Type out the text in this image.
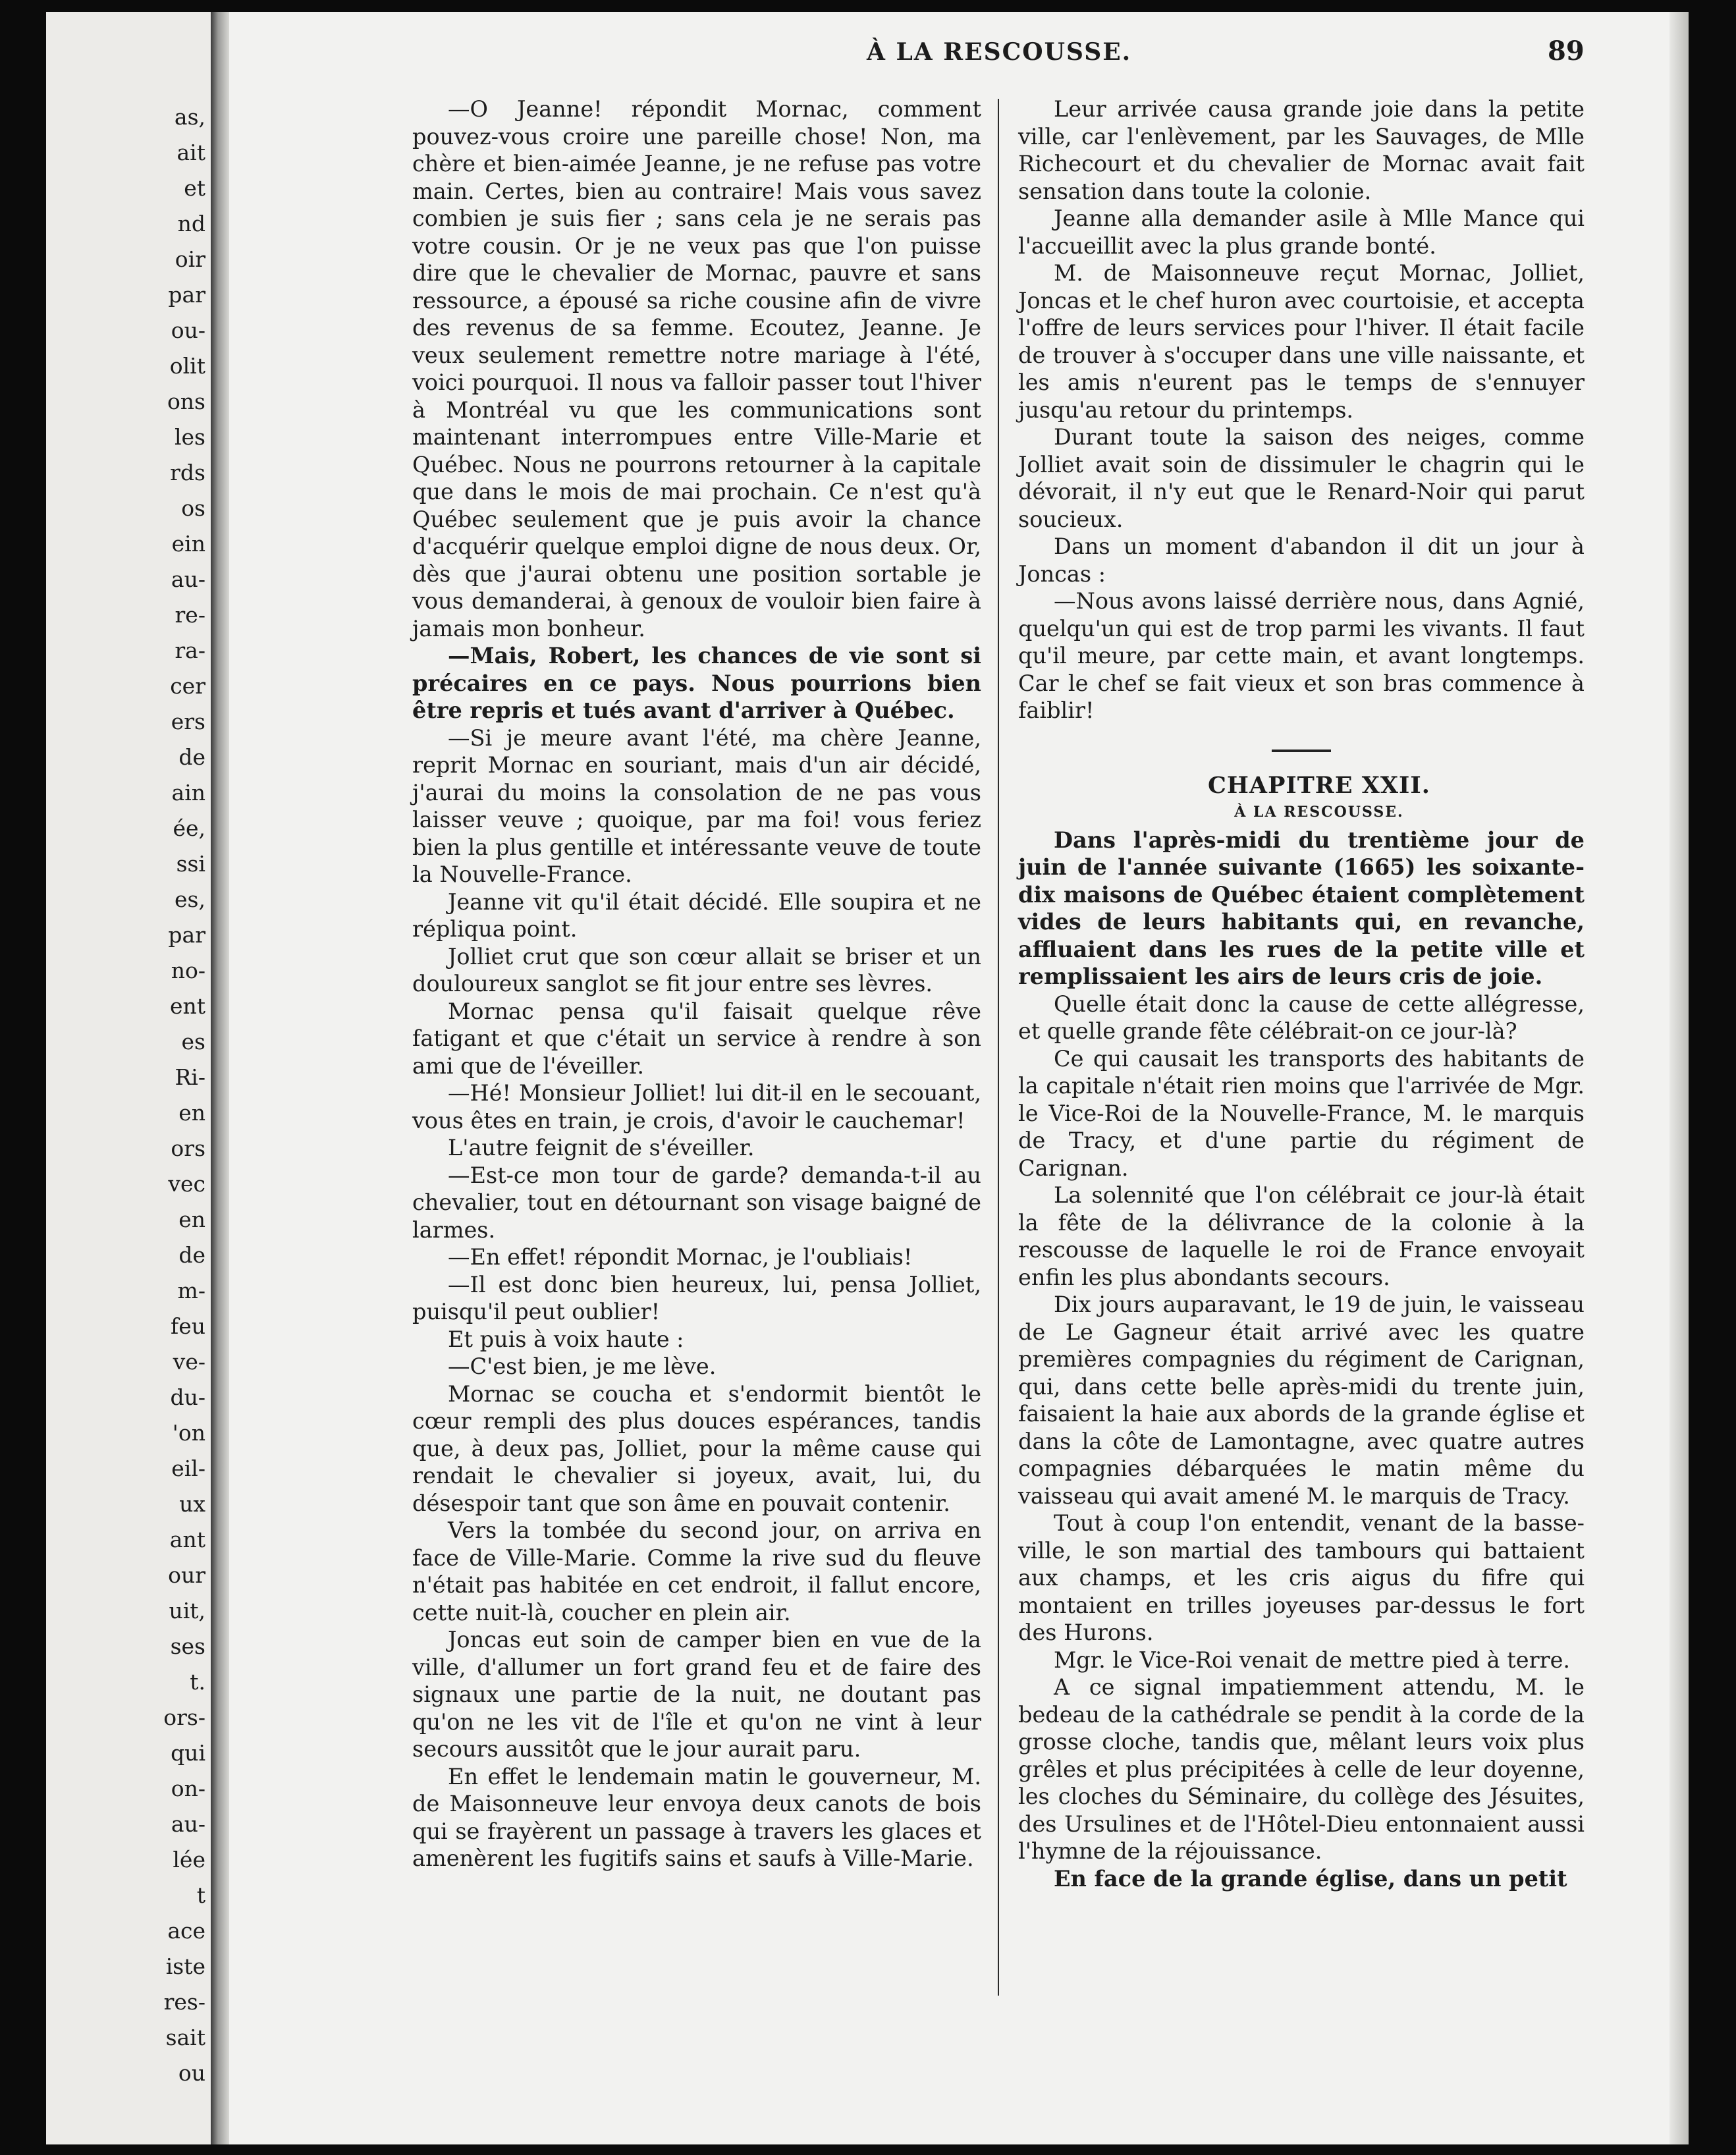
as,
ait
et
nd
oir
par
ou-
olit
ons
les
rds
os
ein
au-
re-
ra-
cer
ers
de
ain
ée,
ssi
es,
par
no-
ent
es
Ri-
en
ors
vec
en
de
m-
feu
ve-
du-
'on
eil-
ux
ant
our
uit,
ses
t.
ors-
qui
on-
au-
lée
t
ace
iste
res-
sait
ou
À LA RESCOUSSE.	89

—O Jeanne! répondit Mornac, comment pouvez-vous croire une pareille chose! Non, ma chère et bien-aimée Jeanne, je ne refuse pas votre main. Certes, bien au contraire! Mais vous savez combien je suis fier ; sans cela je ne serais pas votre cousin. Or je ne veux pas que l'on puisse dire que le chevalier de Mornac, pauvre et sans ressource, a épousé sa riche cousine afin de vivre des revenus de sa femme. Ecoutez, Jeanne. Je veux seulement remettre notre mariage à l'été, voici pourquoi. Il nous va falloir passer tout l'hiver à Montréal vu que les communications sont maintenant interrompues entre Ville-Marie et Québec. Nous ne pourrons retourner à la capitale que dans le mois de mai prochain. Ce n'est qu'à Québec seulement que je puis avoir la chance d'acquérir quelque emploi digne de nous deux. Or, dès que j'aurai obtenu une position sortable je vous demanderai, à genoux de vouloir bien faire à jamais mon bonheur.

—Mais, Robert, les chances de vie sont si précaires en ce pays. Nous pourrions bien être repris et tués avant d'arriver à Québec.

—Si je meure avant l'été, ma chère Jeanne, reprit Mornac en souriant, mais d'un air décidé, j'aurai du moins la consolation de ne pas vous laisser veuve ; quoique, par ma foi! vous feriez bien la plus gentille et intéressante veuve de toute la Nouvelle-France.

Jeanne vit qu'il était décidé. Elle soupira et ne répliqua point.

Jolliet crut que son cœur allait se briser et un douloureux sanglot se fit jour entre ses lèvres.

Mornac pensa qu'il faisait quelque rêve fatigant et que c'était un service à rendre à son ami que de l'éveiller.

—Hé! Monsieur Jolliet! lui dit-il en le secouant, vous êtes en train, je crois, d'avoir le cauchemar!

L'autre feignit de s'éveiller.

—Est-ce mon tour de garde? demanda-t-il au chevalier, tout en détournant son visage baigné de larmes.

—En effet! répondit Mornac, je l'oubliais!

—Il est donc bien heureux, lui, pensa Jolliet, puisqu'il peut oublier!

Et puis à voix haute :

—C'est bien, je me lève.

Mornac se coucha et s'endormit bientôt le cœur rempli des plus douces espérances, tandis que, à deux pas, Jolliet, pour la même cause qui rendait le chevalier si joyeux, avait, lui, du désespoir tant que son âme en pouvait contenir.

Vers la tombée du second jour, on arriva en face de Ville-Marie. Comme la rive sud du fleuve n'était pas habitée en cet endroit, il fallut encore, cette nuit-là, coucher en plein air.

Joncas eut soin de camper bien en vue de la ville, d'allumer un fort grand feu et de faire des signaux une partie de la nuit, ne doutant pas qu'on ne les vit de l'île et qu'on ne vint à leur secours aussitôt que le jour aurait paru.

En effet le lendemain matin le gouverneur, M. de Maisonneuve leur envoya deux canots de bois qui se frayèrent un passage à travers les glaces et amenèrent les fugitifs sains et saufs à Ville-Marie.

Leur arrivée causa grande joie dans la petite ville, car l'enlèvement, par les Sauvages, de Mlle Richecourt et du chevalier de Mornac avait fait sensation dans toute la colonie.

Jeanne alla demander asile à Mlle Mance qui l'accueillit avec la plus grande bonté.

M. de Maisonneuve reçut Mornac, Jolliet, Joncas et le chef huron avec courtoisie, et accepta l'offre de leurs services pour l'hiver. Il était facile de trouver à s'occuper dans une ville naissante, et les amis n'eurent pas le temps de s'ennuyer jusqu'au retour du printemps.

Durant toute la saison des neiges, comme Jolliet avait soin de dissimuler le chagrin qui le dévorait, il n'y eut que le Renard-Noir qui parut soucieux.

Dans un moment d'abandon il dit un jour à Joncas :

—Nous avons laissé derrière nous, dans Agnié, quelqu'un qui est de trop parmi les vivants. Il faut qu'il meure, par cette main, et avant longtemps. Car le chef se fait vieux et son bras commence à faiblir!

CHAPITRE XXII.

À LA RESCOUSSE.

Dans l'après-midi du trentième jour de juin de l'année suivante (1665) les soixante-dix maisons de Québec étaient complètement vides de leurs habitants qui, en revanche, affluaient dans les rues de la petite ville et remplissaient les airs de leurs cris de joie.

Quelle était donc la cause de cette allégresse, et quelle grande fête célébrait-on ce jour-là?

Ce qui causait les transports des habitants de la capitale n'était rien moins que l'arrivée de Mgr. le Vice-Roi de la Nouvelle-France, M. le marquis de Tracy, et d'une partie du régiment de Carignan.

La solennité que l'on célébrait ce jour-là était la fête de la délivrance de la colonie à la rescousse de laquelle le roi de France envoyait enfin les plus abondants secours.

Dix jours auparavant, le 19 de juin, le vaisseau de Le Gagneur était arrivé avec les quatre premières compagnies du régiment de Carignan, qui, dans cette belle après-midi du trente juin, faisaient la haie aux abords de la grande église et dans la côte de Lamontagne, avec quatre autres compagnies débarquées le matin même du vaisseau qui avait amené M. le marquis de Tracy.

Tout à coup l'on entendit, venant de la basse-ville, le son martial des tambours qui battaient aux champs, et les cris aigus du fifre qui montaient en trilles joyeuses par-dessus le fort des Hurons.

Mgr. le Vice-Roi venait de mettre pied à terre.

A ce signal impatiemment attendu, M. le bedeau de la cathédrale se pendit à la corde de la grosse cloche, tandis que, mêlant leurs voix plus grêles et plus précipitées à celle de leur doyenne, les cloches du Séminaire, du collège des Jésuites, des Ursulines et de l'Hôtel-Dieu entonnaient aussi l'hymne de la réjouissance.

En face de la grande église, dans un petit
